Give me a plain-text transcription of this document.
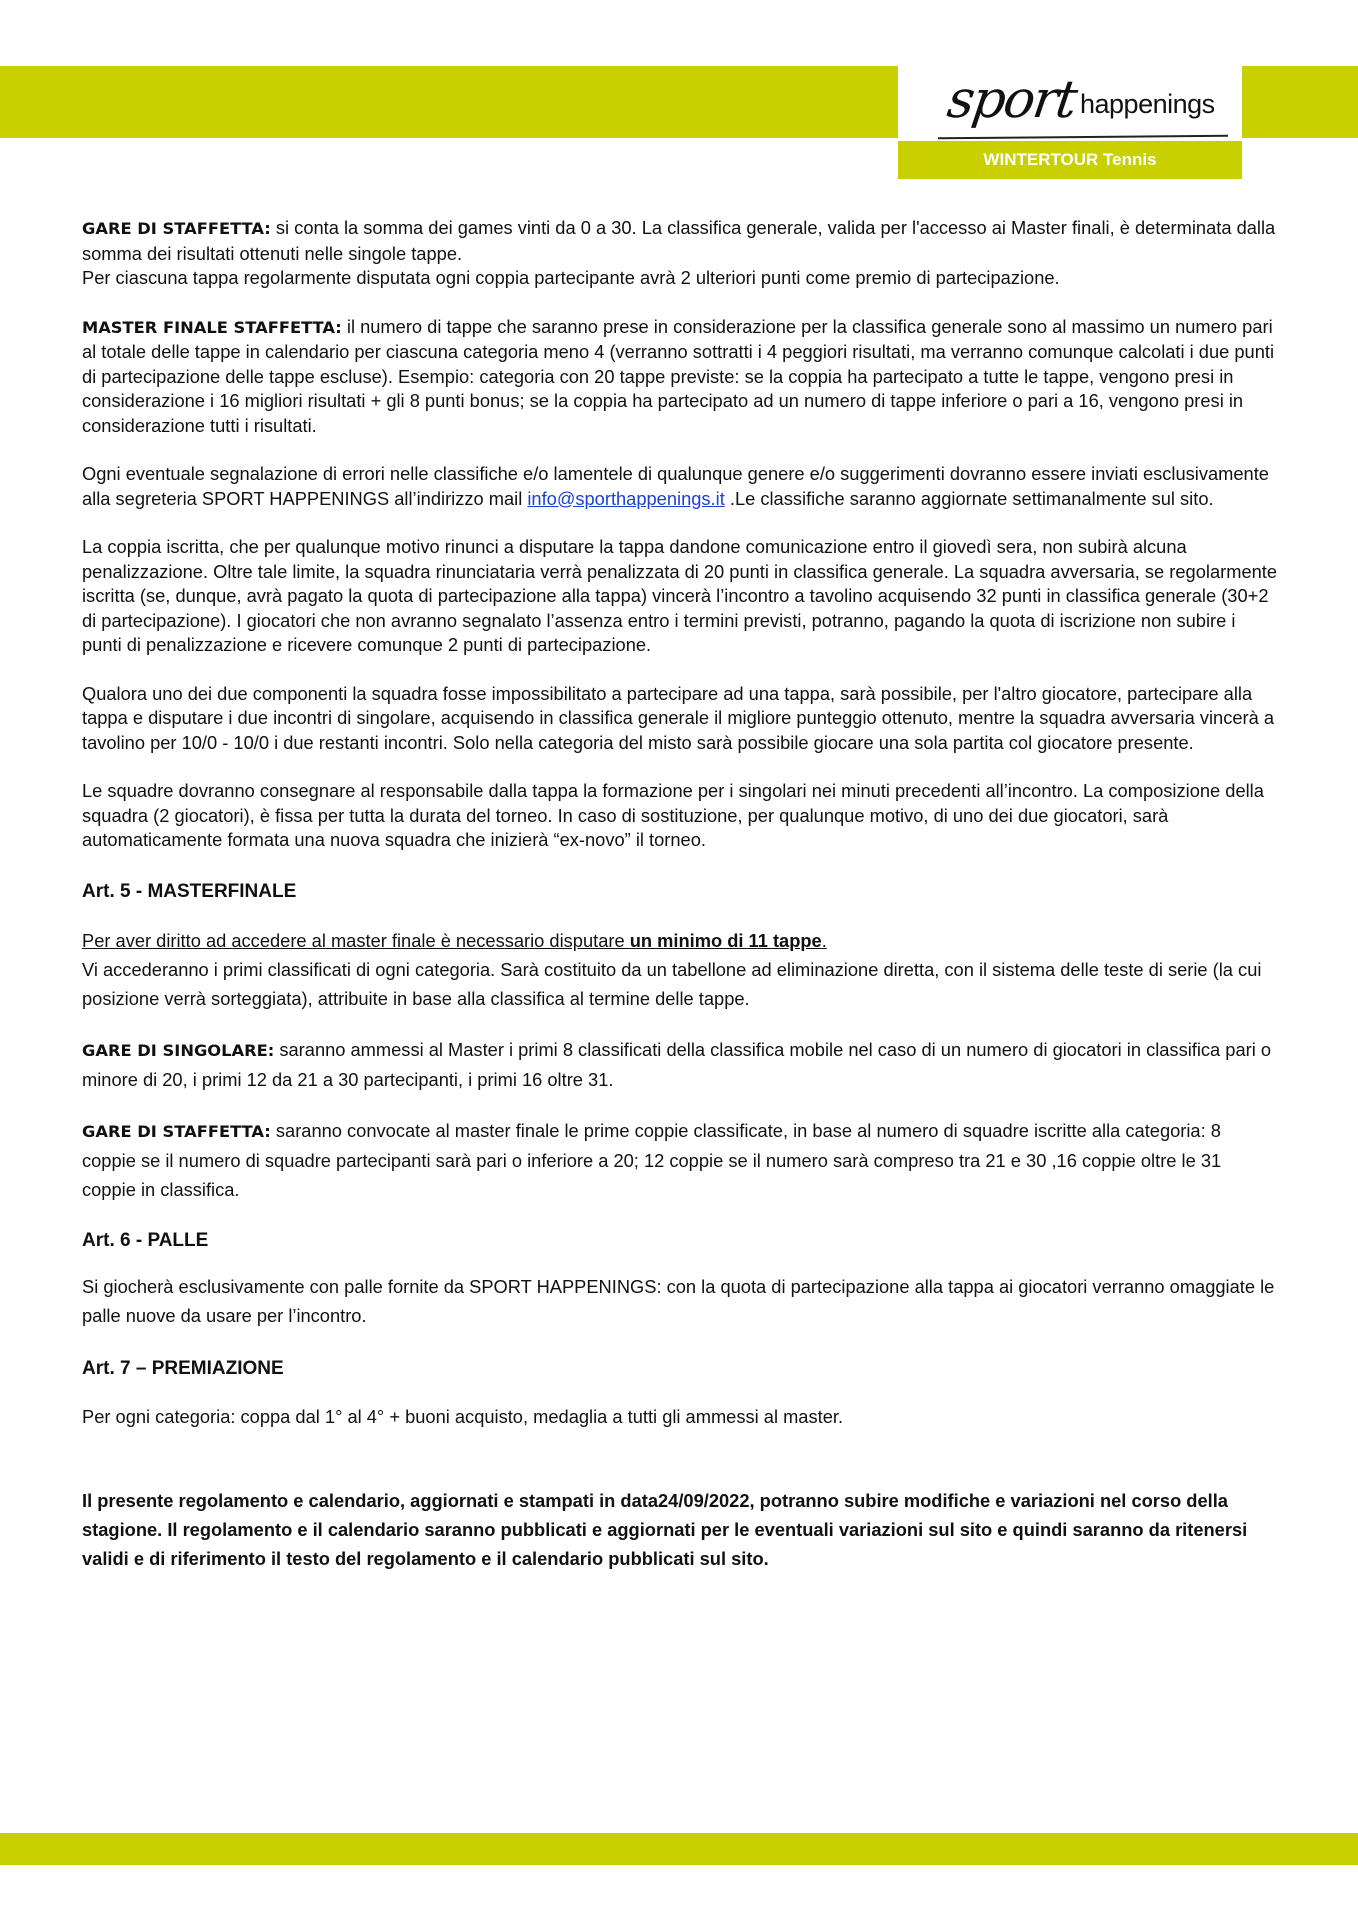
sport happenings
WINTERTOUR Tennis

GARE DI STAFFETTA: si conta la somma dei games vinti da 0 a 30. La classifica generale, valida per l'accesso ai Master finali, è determinata dalla somma dei risultati ottenuti nelle singole tappe.

Per ciascuna tappa regolarmente disputata ogni coppia partecipante avrà 2 ulteriori punti come premio di partecipazione.

MASTER FINALE STAFFETTA: il numero di tappe che saranno prese in considerazione per la classifica generale sono al massimo un numero pari al totale delle tappe in calendario per ciascuna categoria meno 4 (verranno sottratti i 4 peggiori risultati, ma verranno comunque calcolati i due punti di partecipazione delle tappe escluse). Esempio: categoria con 20 tappe previste: se la coppia ha partecipato a tutte le tappe, vengono presi in considerazione i 16 migliori risultati + gli 8 punti bonus; se la coppia ha partecipato ad un numero di tappe inferiore o pari a 16, vengono presi in considerazione tutti i risultati.

Ogni eventuale segnalazione di errori nelle classifiche e/o lamentele di qualunque genere e/o suggerimenti dovranno essere inviati esclusivamente alla segreteria SPORT HAPPENINGS all’indirizzo mail info@sporthappenings.it .Le classifiche saranno aggiornate settimanalmente sul sito.

La coppia iscritta, che per qualunque motivo rinunci a disputare la tappa dandone comunicazione entro il giovedì sera, non subirà alcuna penalizzazione. Oltre tale limite, la squadra rinunciataria verrà penalizzata di 20 punti in classifica generale. La squadra avversaria, se regolarmente iscritta (se, dunque, avrà pagato la quota di partecipazione alla tappa) vincerà l’incontro a tavolino acquisendo 32 punti in classifica generale (30+2 di partecipazione). I giocatori che non avranno segnalato l’assenza entro i termini previsti, potranno, pagando la quota di iscrizione non subire i punti di penalizzazione e ricevere comunque 2 punti di partecipazione.

Qualora uno dei due componenti la squadra fosse impossibilitato a partecipare ad una tappa, sarà possibile, per l'altro giocatore, partecipare alla tappa e disputare i due incontri di singolare, acquisendo in classifica generale il migliore punteggio ottenuto, mentre la squadra avversaria vincerà a tavolino per 10/0 - 10/0 i due restanti incontri. Solo nella categoria del misto sarà possibile giocare una sola partita col giocatore presente.

Le squadre dovranno consegnare al responsabile dalla tappa la formazione per i singolari nei minuti precedenti all’incontro. La composizione della squadra (2 giocatori), è fissa per tutta la durata del torneo. In caso di sostituzione, per qualunque motivo, di uno dei due giocatori, sarà automaticamente formata una nuova squadra che inizierà “ex-novo” il torneo.

Art. 5 - MASTERFINALE

Per aver diritto ad accedere al master finale è necessario disputare un minimo di 11 tappe.

Vi accederanno i primi classificati di ogni categoria. Sarà costituito da un tabellone ad eliminazione diretta, con il sistema delle teste di serie (la cui posizione verrà sorteggiata), attribuite in base alla classifica al termine delle tappe.

GARE DI SINGOLARE: saranno ammessi al Master i primi 8 classificati della classifica mobile nel caso di un numero di giocatori in classifica pari o minore di 20, i primi 12 da 21 a 30 partecipanti, i primi 16 oltre 31.

GARE DI STAFFETTA: saranno convocate al master finale le prime coppie classificate, in base al numero di squadre iscritte alla categoria: 8 coppie se il numero di squadre partecipanti sarà pari o inferiore a 20; 12 coppie se il numero sarà compreso tra 21 e 30 ,16 coppie oltre le 31 coppie in classifica.

Art. 6 - PALLE

Si giocherà esclusivamente con palle fornite da SPORT HAPPENINGS: con la quota di partecipazione alla tappa ai giocatori verranno omaggiate le palle nuove da usare per l’incontro.

Art. 7 – PREMIAZIONE

Per ogni categoria: coppa dal 1° al 4° + buoni acquisto, medaglia a tutti gli ammessi al master.

Il presente regolamento e calendario, aggiornati e stampati in data24/09/2022, potranno subire modifiche e variazioni nel corso della stagione. Il regolamento e il calendario saranno pubblicati e aggiornati per le eventuali variazioni sul sito e quindi saranno da ritenersi validi e di riferimento il testo del regolamento e il calendario pubblicati sul sito.
